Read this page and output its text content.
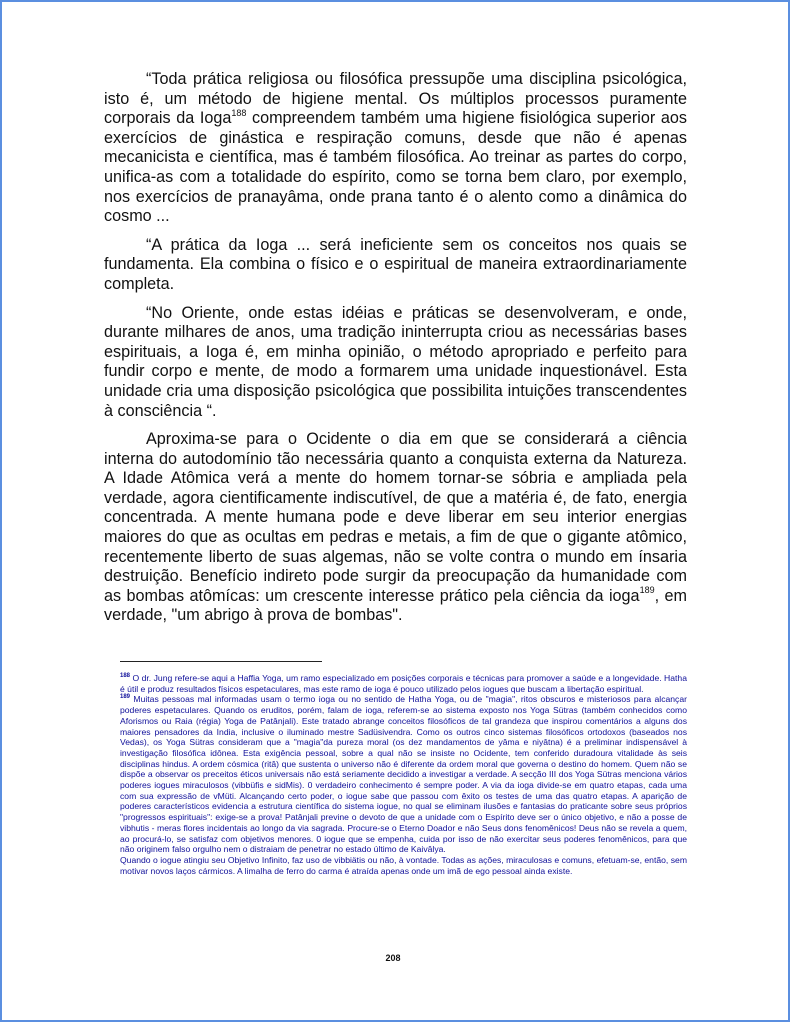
“Toda prática religiosa ou filosófica pressupõe uma disciplina psicológica, isto é, um método de higiene mental. Os múltiplos processos puramente corporais da Ioga$^{188}$ compreendem também uma higiene fisiológica superior aos exercícios de ginástica e respiração comuns, desde que não é apenas mecanicista e científica, mas é também filosófica. Ao treinar as partes do corpo, unifica-as com a totalidade do espírito, como se torna bem claro, por exemplo, nos exercícios de pranayâma, onde prana tanto é o alento como a dinâmica do cosmo ...

“A prática da Ioga ... será ineficiente sem os conceitos nos quais se fundamenta. Ela combina o físico e o espiritual de maneira extraordinariamente completa.

“No Oriente, onde estas idéias e práticas se desenvolveram, e onde, durante milhares de anos, uma tradição ininterrupta criou as necessárias bases espirituais, a Ioga é, em minha opinião, o método apropriado e perfeito para fundir corpo e mente, de modo a formarem uma unidade inquestionável. Esta unidade cria uma disposição psicológica que possibilita intuições transcendentes à consciência “.

Aproxima-se para o Ocidente o dia em que se considerará a ciência interna do autodomínio tão necessária quanto a conquista externa da Natureza. A Idade Atômica verá a mente do homem tornar-se sóbria e ampliada pela verdade, agora cientificamente indiscutível, de que a matéria é, de fato, energia concentrada. A mente humana pode e deve liberar em seu interior energias maiores do que as ocultas em pedras e metais, a fim de que o gigante atômico, recentemente liberto de suas algemas, não se volte contra o mundo em ínsaria destruição. Benefício indireto pode surgir da preocupação da humanidade com as bombas atômícas: um crescente interesse prático pela ciência da ioga$^{189}$, em verdade, "um abrigo à prova de bombas".

$^{188}$ O dr. Jung refere-se aqui a Haffia Yoga, um ramo especializado em posições corporais e técnicas para promover a saúde e a longevidade. Hatha é útil e produz resultados físicos espetaculares, mas este ramo de ioga é pouco utilizado pelos iogues que buscam a libertação espiritual.

$^{189}$ Muitas pessoas mal informadas usam o termo ioga ou no sentido de Hatha Yoga, ou de "magia", ritos obscuros e misteriosos para alcançar poderes espetaculares. Quando os eruditos, porém, falam de ioga, referem-se ao sistema exposto nos Yoga Sütras (também conhecidos como Aforismos ou Raia (régia) Yoga de Patânjali). Este tratado abrange conceitos filosóficos de tal grandeza que inspirou comentários a alguns dos maiores pensadores da India, inclusive o iluminado mestre Sadüsivendra. Como os outros cinco sistemas filosóficos ortodoxos (baseados nos Vedas), os Yoga Sütras consideram que a "magia"da pureza moral (os dez mandamentos de yâma e niyâtna) é a preliminar indispensável à investigação filosófica idônea. Esta exigência pessoal, sobre a qual não se insiste no Ocidente, tem conferido duradoura vitalidade às seis disciplinas hindus. A ordem cósmica (ritâ) que sustenta o universo não é diferente da ordem moral que governa o destino do homem. Quem não se dispõe a observar os preceitos éticos universais não está seriamente decidido a investigar a verdade. A secção III dos Yoga Sütras menciona vários poderes iogues miraculosos (vibbüfis e sidMis). 0 verdadeiro conhecimento é sempre poder. A via da ioga divide-se em quatro etapas, cada uma com sua expressão de vMüti. Alcançando certo poder, o iogue sabe que passou com êxito os testes de uma das quatro etapas. A aparição de poderes característicos evidencia a estrutura científica do sistema iogue, no qual se eliminam ilusões e fantasias do praticante sobre seus próprios "progressos espirituais": exige-se a prova! Patânjali previne o devoto de que a unidade com o Espírito deve ser o único objetivo, e não a posse de vibhutis - meras flores incidentais ao longo da via sagrada. Procure-se o Eterno Doador e não Seus dons fenomênicos! Deus não se revela a quem, ao procurá-lo, se satisfaz com objetivos menores. 0 iogue que se empenha, cuida por isso de não exercitar seus poderes fenomênicos, para que não originem falso orgulho nem o distraiam de penetrar no estado último de Kaivâlya.

Quando o iogue atingiu seu Objetivo Infinito, faz uso de vibbiätis ou não, à vontade. Todas as ações, miraculosas e comuns, efetuam-se, então, sem motivar novos laços cármicos. A limalha de ferro do carma é atraída apenas onde um imã de ego pessoal ainda existe.

208
